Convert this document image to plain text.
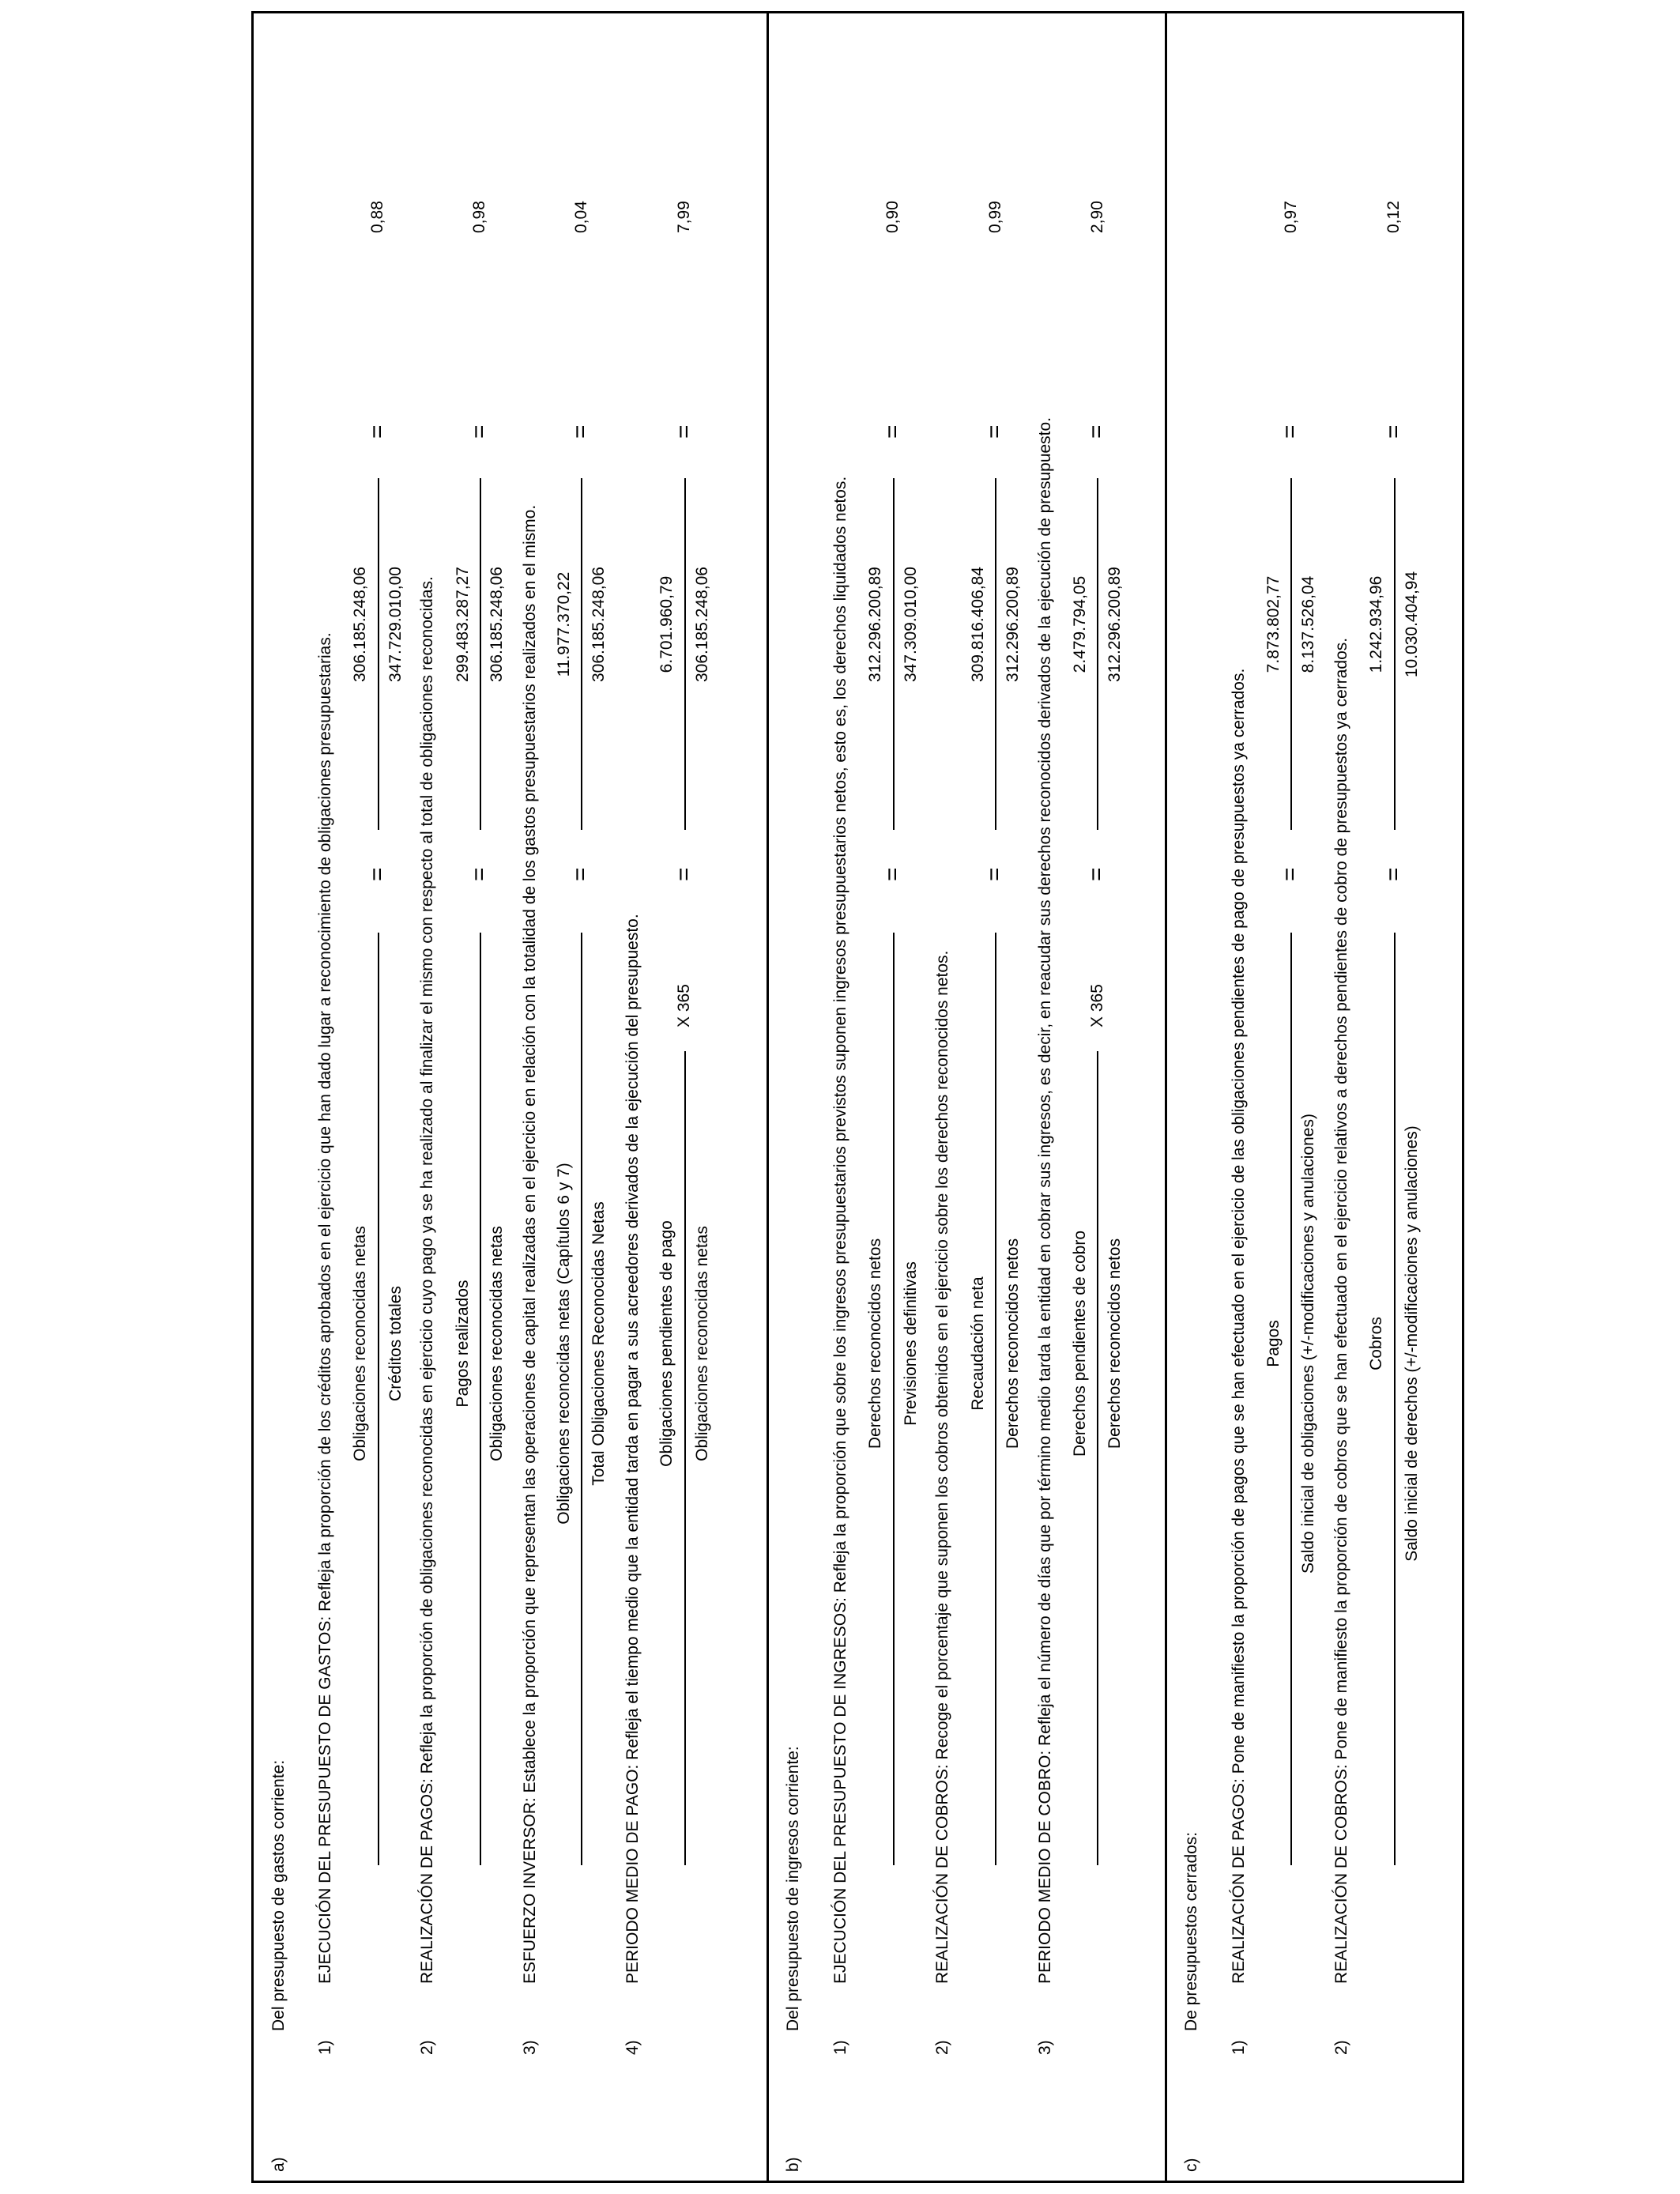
a)
Del presupuesto de gastos corriente:
1)
EJECUCIÓN DEL PRESUPUESTO DE GASTOS: Refleja la proporción de los créditos aprobados en el ejercicio que han dado lugar a reconocimiento de obligaciones presupuestarias. Obligaciones reconocidas netas Créditos totales
=
306.185.248,06 347.729.010,00
=
0,88
2)
REALIZACIÓN DE PAGOS: Refleja la proporción de obligaciones reconocidas en ejercicio cuyo pago ya se ha realizado al finalizar el mismo con respecto al total de obligaciones reconocidas. Pagos realizados Obligaciones reconocidas netas
=
299.483.287,27 306.185.248,06
=
0,98
3)
ESFUERZO INVERSOR: Establece la proporción que representan las operaciones de capital realizadas en el ejercicio en relación con la totalidad de los gastos presupuestarios realizados en el mismo. Obligaciones reconocidas netas (Capítulos 6 y 7) Total Obligaciones Reconocidas Netas
=
11.977.370,22 306.185.248,06
=
0,04
4)
PERIODO MEDIO DE PAGO: Refleja el tiempo medio que la entidad tarda en pagar a sus acreedores derivados de la ejecución del presupuesto. Obligaciones pendientes de pago Obligaciones reconocidas netas
X 365
=
6.701.960,79 306.185.248,06
=
7,99
b)
Del presupuesto de ingresos corriente:
1)
EJECUCIÓN DEL PRESUPUESTO DE INGRESOS: Refleja la proporción que sobre los ingresos presupuestarios previstos suponen ingresos presupuestarios netos, esto es, los derechos liquidados netos. Derechos reconocidos netos Previsiones definitivas
=
312.296.200,89 347.309.010,00
=
0,90
2)
REALIZACIÓN DE COBROS: Recoge el porcentaje que suponen los cobros obtenidos en el ejercicio sobre los derechos reconocidos netos. Recaudación neta Derechos reconocidos netos
=
309.816.406,84 312.296.200,89
=
0,99
3)
PERIODO MEDIO DE COBRO: Refleja el número de días que por término medio tarda la entidad en cobrar sus ingresos, es decir, en reacudar sus derechos reconocidos derivados de la ejecución de presupuesto. Derechos pendientes de cobro Derechos reconocidos netos
X 365
=
2.479.794,05 312.296.200,89
=
2,90
c)
De presupuestos cerrados:
1)
REALIZACIÓN DE PAGOS: Pone de manifiesto la proporción de pagos que se han efectuado en el ejercicio de las obligaciones pendientes de pago de presupuestos ya cerrados. Pagos Saldo inicial de obligaciones (+/-modificaciones y anulaciones)
=
7.873.802,77 8.137.526,04
=
0,97
2)
REALIZACIÓN DE COBROS: Pone de manifiesto la proporción de cobros que se han efectuado en el ejercicio relativos a derechos pendientes de cobro de presupuestos ya cerrados. Cobros Saldo inicial de derechos (+/-modificaciones y anulaciones)
=
1.242.934,96 10.030.404,94
=
0,12
